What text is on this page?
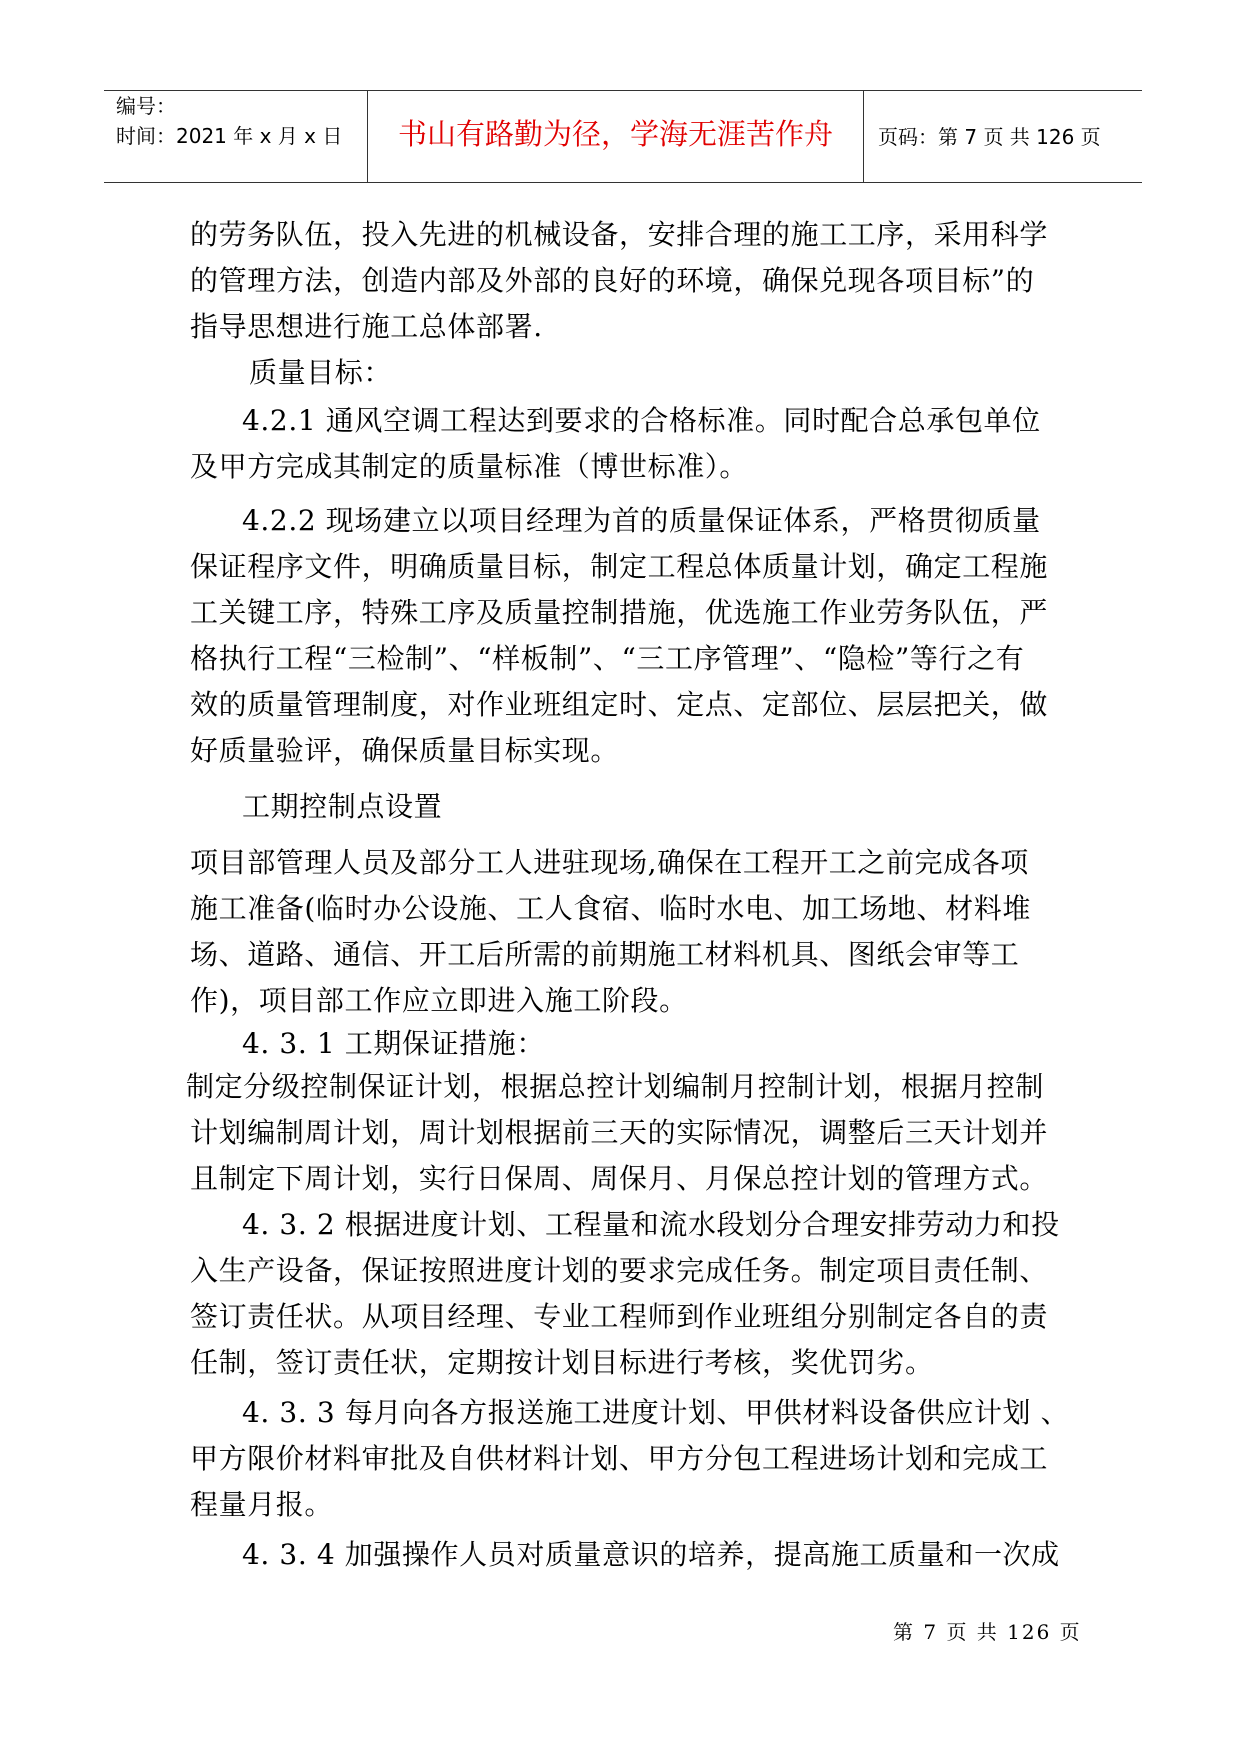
编号：
时间：2021 年 x 月 x 日	书山有路勤为径，学海无涯苦作舟	页码：第 7 页 共 126 页

的劳务队伍，投入先进的机械设备，安排合理的施工工序，采用科学

的管理方法，创造内部及外部的良好的环境，确保兑现各项目标”的

指导思想进行施工总体部署.

质量目标：

4.2.1 通风空调工程达到要求的合格标准。同时配合总承包单位

及甲方完成其制定的质量标准（博世标准）。

4.2.2 现场建立以项目经理为首的质量保证体系，严格贯彻质量

保证程序文件，明确质量目标，制定工程总体质量计划，确定工程施

工关键工序，特殊工序及质量控制措施，优选施工作业劳务队伍，严

格执行工程“三检制”、“样板制”、“三工序管理”、“隐检”等行之有

效的质量管理制度，对作业班组定时、定点、定部位、层层把关，做

好质量验评，确保质量目标实现。

工期控制点设置

项目部管理人员及部分工人进驻现场,确保在工程开工之前完成各项

施工准备(临时办公设施、工人食宿、临时水电、加工场地、材料堆

场、道路、通信、开工后所需的前期施工材料机具、图纸会审等工

作)，项目部工作应立即进入施工阶段。

4. 3. 1 工期保证措施：

制定分级控制保证计划，根据总控计划编制月控制计划，根据月控制

计划编制周计划，周计划根据前三天的实际情况，调整后三天计划并

且制定下周计划，实行日保周、周保月、月保总控计划的管理方式。

4. 3. 2 根据进度计划、工程量和流水段划分合理安排劳动力和投

入生产设备，保证按照进度计划的要求完成任务。制定项目责任制、

签订责任状。从项目经理、专业工程师到作业班组分别制定各自的责

任制，签订责任状，定期按计划目标进行考核，奖优罚劣。

4. 3. 3 每月向各方报送施工进度计划、甲供材料设备供应计划 、

甲方限价材料审批及自供材料计划、甲方分包工程进场计划和完成工

程量月报。

4. 3. 4 加强操作人员对质量意识的培养，提高施工质量和一次成

第 7 页 共 126 页
